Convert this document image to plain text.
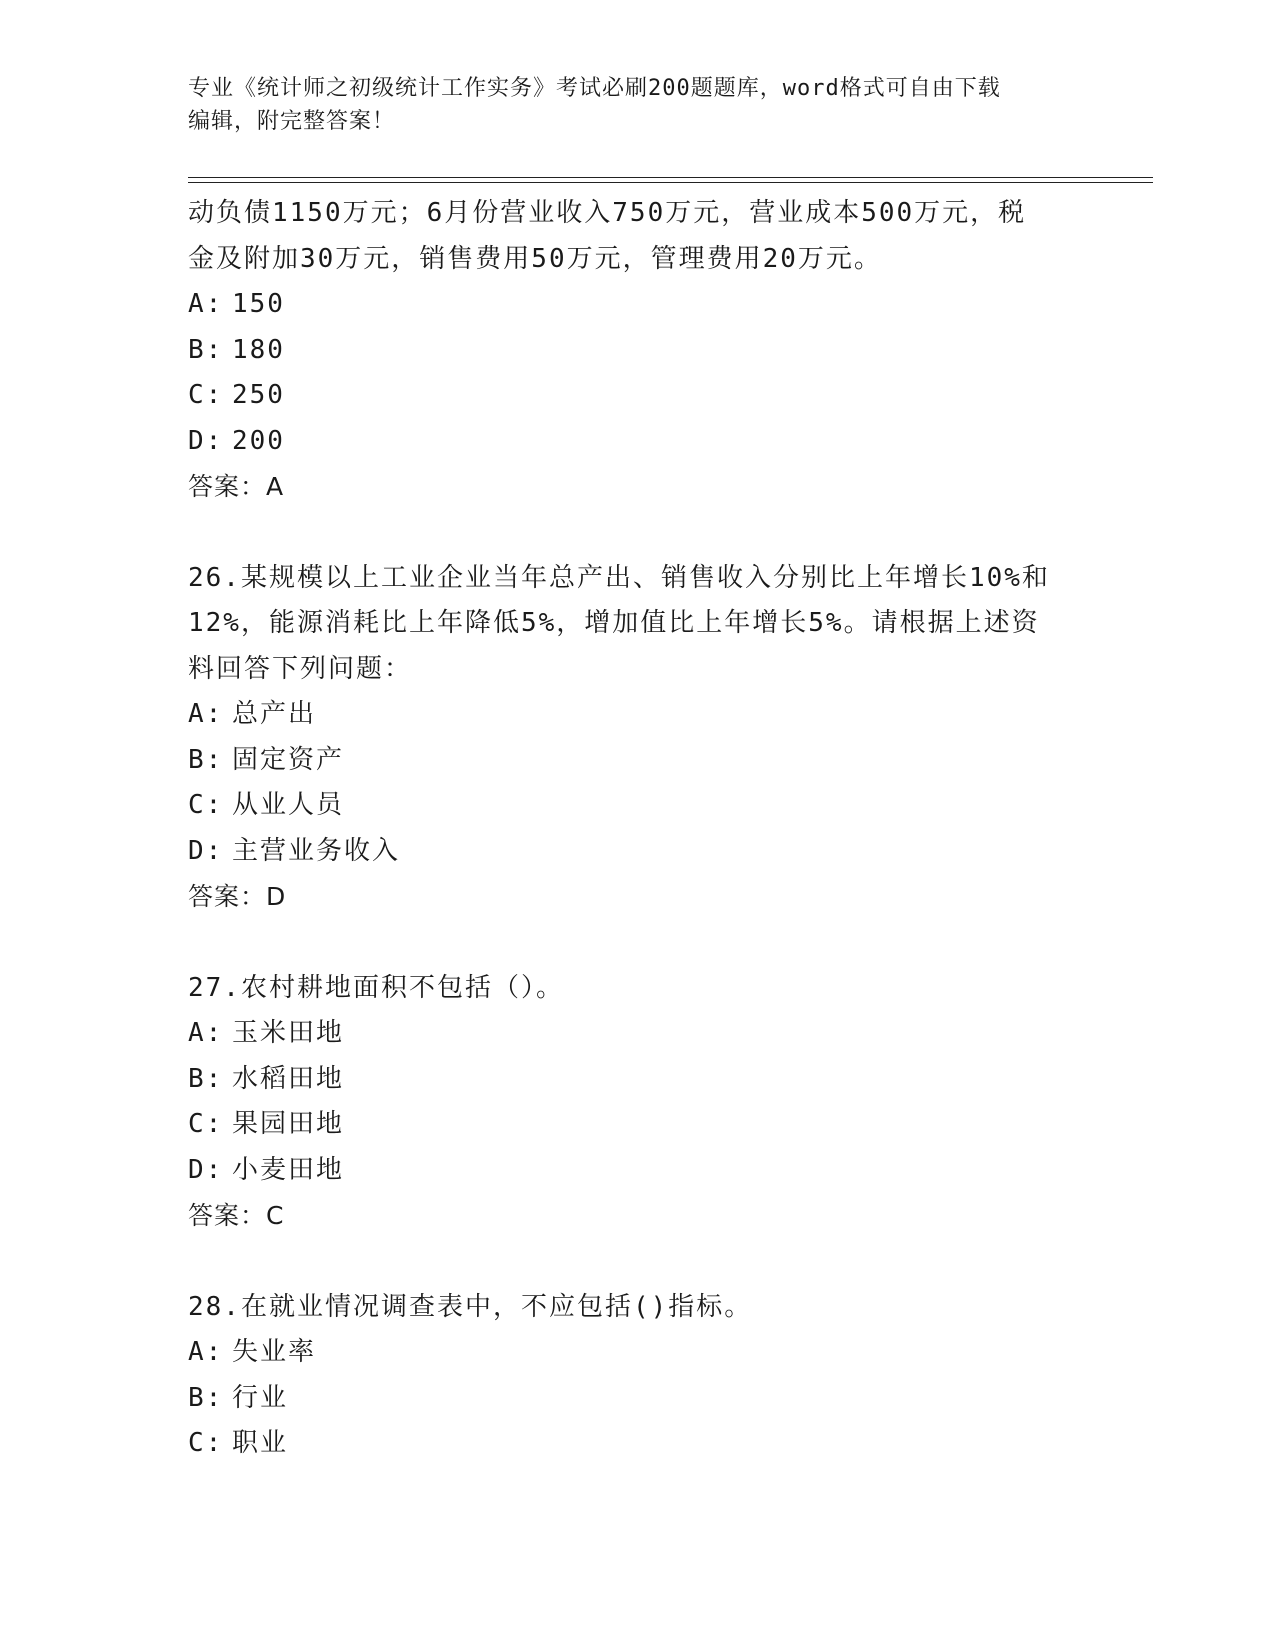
专业《统计师之初级统计工作实务》考试必刷200题题库，word格式可自由下载
编辑，附完整答案！

动负债1150万元；6月份营业收入750万元，营业成本500万元，税

金及附加30万元，销售费用50万元，管理费用20万元。

A: 150

B: 180

C: 250

D: 200

答案：A

26.某规模以上工业企业当年总产出、销售收入分别比上年增长10%和

12%，能源消耗比上年降低5%，增加值比上年增长5%。请根据上述资

料回答下列问题：

A: 总产出

B: 固定资产

C: 从业人员

D: 主营业务收入

答案：D

27.农村耕地面积不包括（）。

A: 玉米田地

B: 水稻田地

C: 果园田地

D: 小麦田地

答案：C

28.在就业情况调查表中，不应包括()指标。

A: 失业率

B: 行业

C: 职业
